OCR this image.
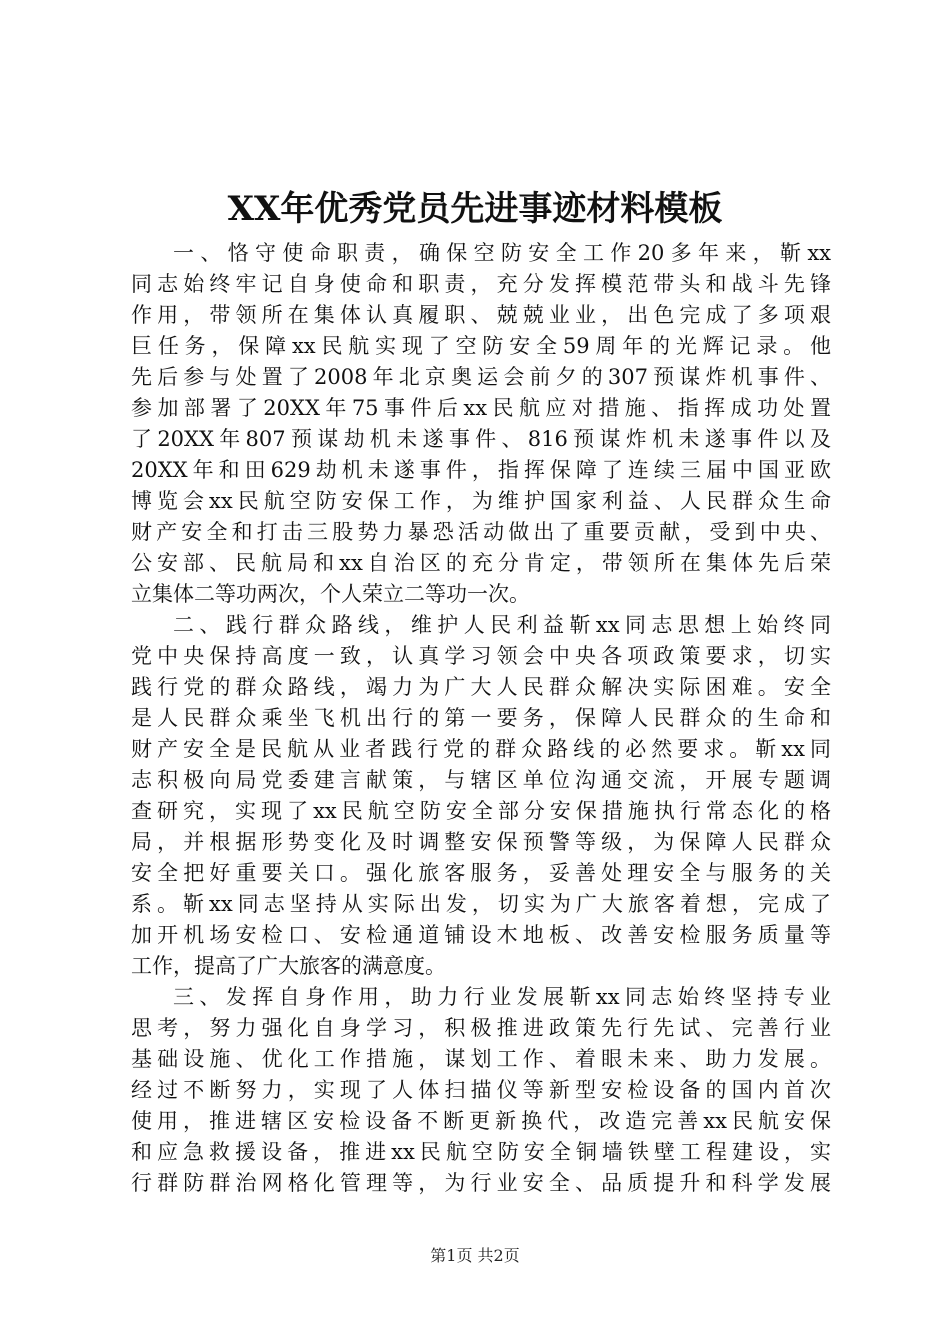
XX年优秀党员先进事迹材料模板
一、恪守使命职责，确保空防安全工作20多年来，靳xx
同志始终牢记自身使命和职责，充分发挥模范带头和战斗先锋
作用，带领所在集体认真履职、兢兢业业，出色完成了多项艰
巨任务，保障xx民航实现了空防安全59周年的光辉记录。他
先后参与处置了2008年北京奥运会前夕的307预谋炸机事件、
参加部署了20XX年75事件后xx民航应对措施、指挥成功处置
了20XX年807预谋劫机未遂事件、816预谋炸机未遂事件以及
20XX年和田629劫机未遂事件，指挥保障了连续三届中国亚欧
博览会xx民航空防安保工作，为维护国家利益、人民群众生命
财产安全和打击三股势力暴恐活动做出了重要贡献，受到中央、
公安部、民航局和xx自治区的充分肯定，带领所在集体先后荣
立集体二等功两次，个人荣立二等功一次。
二、践行群众路线，维护人民利益靳xx同志思想上始终同
党中央保持高度一致，认真学习领会中央各项政策要求，切实
践行党的群众路线，竭力为广大人民群众解决实际困难。安全
是人民群众乘坐飞机出行的第一要务，保障人民群众的生命和
财产安全是民航从业者践行党的群众路线的必然要求。靳xx同
志积极向局党委建言献策，与辖区单位沟通交流，开展专题调
查研究，实现了xx民航空防安全部分安保措施执行常态化的格
局，并根据形势变化及时调整安保预警等级，为保障人民群众
安全把好重要关口。强化旅客服务，妥善处理安全与服务的关
系。靳xx同志坚持从实际出发，切实为广大旅客着想，完成了
加开机场安检口、安检通道铺设木地板、改善安检服务质量等
工作，提高了广大旅客的满意度。
三、发挥自身作用，助力行业发展靳xx同志始终坚持专业
思考，努力强化自身学习，积极推进政策先行先试、完善行业
基础设施、优化工作措施，谋划工作、着眼未来、助力发展。
经过不断努力，实现了人体扫描仪等新型安检设备的国内首次
使用，推进辖区安检设备不断更新换代，改造完善xx民航安保
和应急救援设备，推进xx民航空防安全铜墙铁壁工程建设，实
行群防群治网格化管理等，为行业安全、品质提升和科学发展
第1页 共2页
